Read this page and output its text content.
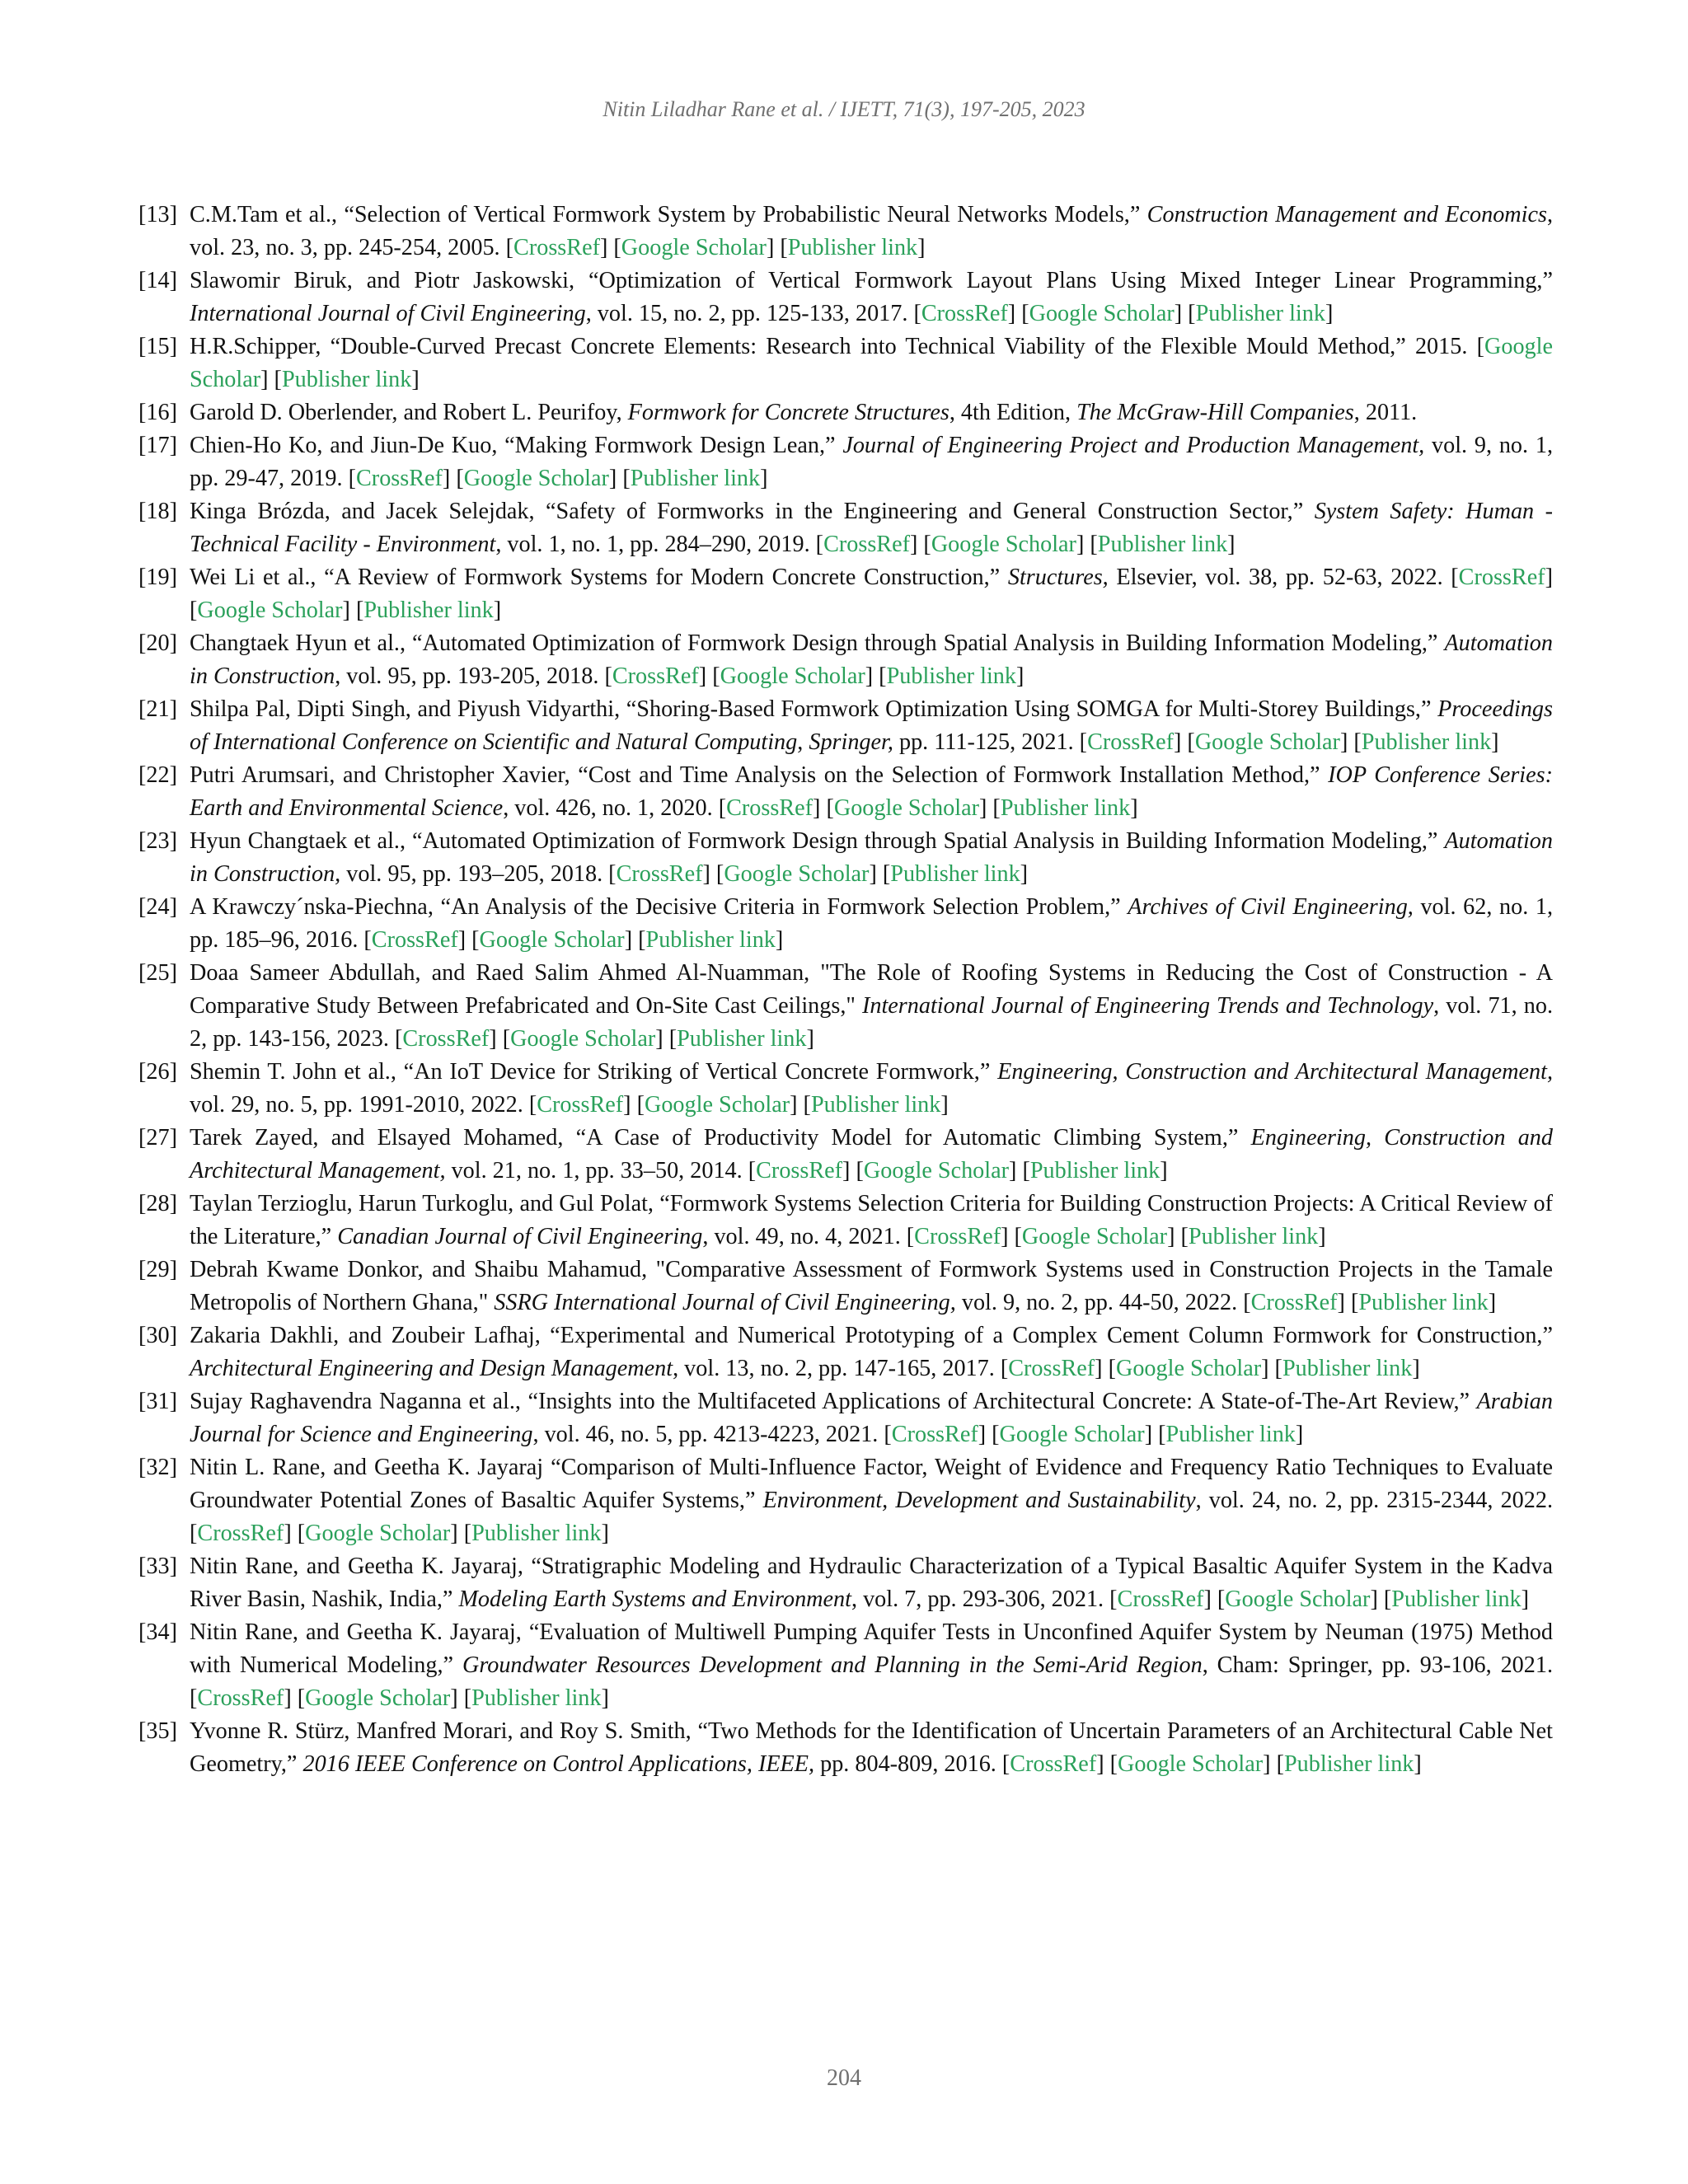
Nitin Liladhar Rane et al. / IJETT, 71(3), 197-205, 2023
[13] C.M.Tam et al., “Selection of Vertical Formwork System by Probabilistic Neural Networks Models,” Construction Management and Economics, vol. 23, no. 3, pp. 245-254, 2005. [CrossRef] [Google Scholar] [Publisher link]
[14] Slawomir Biruk, and Piotr Jaskowski, “Optimization of Vertical Formwork Layout Plans Using Mixed Integer Linear Programming,” International Journal of Civil Engineering, vol. 15, no. 2, pp. 125-133, 2017. [CrossRef] [Google Scholar] [Publisher link]
[15] H.R.Schipper, “Double-Curved Precast Concrete Elements: Research into Technical Viability of the Flexible Mould Method,” 2015. [Google Scholar] [Publisher link]
[16] Garold D. Oberlender, and Robert L. Peurifoy, Formwork for Concrete Structures, 4th Edition, The McGraw-Hill Companies, 2011.
[17] Chien-Ho Ko, and Jiun-De Kuo, “Making Formwork Design Lean,” Journal of Engineering Project and Production Management, vol. 9, no. 1, pp. 29-47, 2019. [CrossRef] [Google Scholar] [Publisher link]
[18] Kinga Brózda, and Jacek Selejdak, “Safety of Formworks in the Engineering and General Construction Sector,” System Safety: Human - Technical Facility - Environment, vol. 1, no. 1, pp. 284–290, 2019. [CrossRef] [Google Scholar] [Publisher link]
[19] Wei Li et al., “A Review of Formwork Systems for Modern Concrete Construction,” Structures, Elsevier, vol. 38, pp. 52-63, 2022. [CrossRef] [Google Scholar] [Publisher link]
[20] Changtaek Hyun et al., “Automated Optimization of Formwork Design through Spatial Analysis in Building Information Modeling,” Automation in Construction, vol. 95, pp. 193-205, 2018. [CrossRef] [Google Scholar] [Publisher link]
[21] Shilpa Pal, Dipti Singh, and Piyush Vidyarthi, “Shoring-Based Formwork Optimization Using SOMGA for Multi-Storey Buildings,” Proceedings of International Conference on Scientific and Natural Computing, Springer, pp. 111-125, 2021. [CrossRef] [Google Scholar] [Publisher link]
[22] Putri Arumsari, and Christopher Xavier, “Cost and Time Analysis on the Selection of Formwork Installation Method,” IOP Conference Series: Earth and Environmental Science, vol. 426, no. 1, 2020. [CrossRef] [Google Scholar] [Publisher link]
[23] Hyun Changtaek et al., “Automated Optimization of Formwork Design through Spatial Analysis in Building Information Modeling,” Automation in Construction, vol. 95, pp. 193–205, 2018. [CrossRef] [Google Scholar] [Publisher link]
[24] A Krawczy´nska-Piechna, “An Analysis of the Decisive Criteria in Formwork Selection Problem,” Archives of Civil Engineering, vol. 62, no. 1, pp. 185–96, 2016. [CrossRef] [Google Scholar] [Publisher link]
[25] Doaa Sameer Abdullah, and Raed Salim Ahmed Al-Nuamman, "The Role of Roofing Systems in Reducing the Cost of Construction - A Comparative Study Between Prefabricated and On-Site Cast Ceilings," International Journal of Engineering Trends and Technology, vol. 71, no. 2, pp. 143-156, 2023. [CrossRef] [Google Scholar] [Publisher link]
[26] Shemin T. John et al., “An IoT Device for Striking of Vertical Concrete Formwork,” Engineering, Construction and Architectural Management, vol. 29, no. 5, pp. 1991-2010, 2022. [CrossRef] [Google Scholar] [Publisher link]
[27] Tarek Zayed, and Elsayed Mohamed, “A Case of Productivity Model for Automatic Climbing System,” Engineering, Construction and Architectural Management, vol. 21, no. 1, pp. 33–50, 2014. [CrossRef] [Google Scholar] [Publisher link]
[28] Taylan Terzioglu, Harun Turkoglu, and Gul Polat, “Formwork Systems Selection Criteria for Building Construction Projects: A Critical Review of the Literature,” Canadian Journal of Civil Engineering, vol. 49, no. 4, 2021. [CrossRef] [Google Scholar] [Publisher link]
[29] Debrah Kwame Donkor, and Shaibu Mahamud, "Comparative Assessment of Formwork Systems used in Construction Projects in the Tamale Metropolis of Northern Ghana," SSRG International Journal of Civil Engineering, vol. 9, no. 2, pp. 44-50, 2022. [CrossRef] [Publisher link]
[30] Zakaria Dakhli, and Zoubeir Lafhaj, “Experimental and Numerical Prototyping of a Complex Cement Column Formwork for Construction,” Architectural Engineering and Design Management, vol. 13, no. 2, pp. 147-165, 2017. [CrossRef] [Google Scholar] [Publisher link]
[31] Sujay Raghavendra Naganna et al., “Insights into the Multifaceted Applications of Architectural Concrete: A State-of-The-Art Review,” Arabian Journal for Science and Engineering, vol. 46, no. 5, pp. 4213-4223, 2021. [CrossRef] [Google Scholar] [Publisher link]
[32] Nitin L. Rane, and Geetha K. Jayaraj “Comparison of Multi-Influence Factor, Weight of Evidence and Frequency Ratio Techniques to Evaluate Groundwater Potential Zones of Basaltic Aquifer Systems,” Environment, Development and Sustainability, vol. 24, no. 2, pp. 2315-2344, 2022. [CrossRef] [Google Scholar] [Publisher link]
[33] Nitin Rane, and Geetha K. Jayaraj, “Stratigraphic Modeling and Hydraulic Characterization of a Typical Basaltic Aquifer System in the Kadva River Basin, Nashik, India,” Modeling Earth Systems and Environment, vol. 7, pp. 293-306, 2021. [CrossRef] [Google Scholar] [Publisher link]
[34] Nitin Rane, and Geetha K. Jayaraj, “Evaluation of Multiwell Pumping Aquifer Tests in Unconfined Aquifer System by Neuman (1975) Method with Numerical Modeling,” Groundwater Resources Development and Planning in the Semi-Arid Region, Cham: Springer, pp. 93-106, 2021. [CrossRef] [Google Scholar] [Publisher link]
[35] Yvonne R. Stürz, Manfred Morari, and Roy S. Smith, “Two Methods for the Identification of Uncertain Parameters of an Architectural Cable Net Geometry,” 2016 IEEE Conference on Control Applications, IEEE, pp. 804-809, 2016. [CrossRef] [Google Scholar] [Publisher link]
204
